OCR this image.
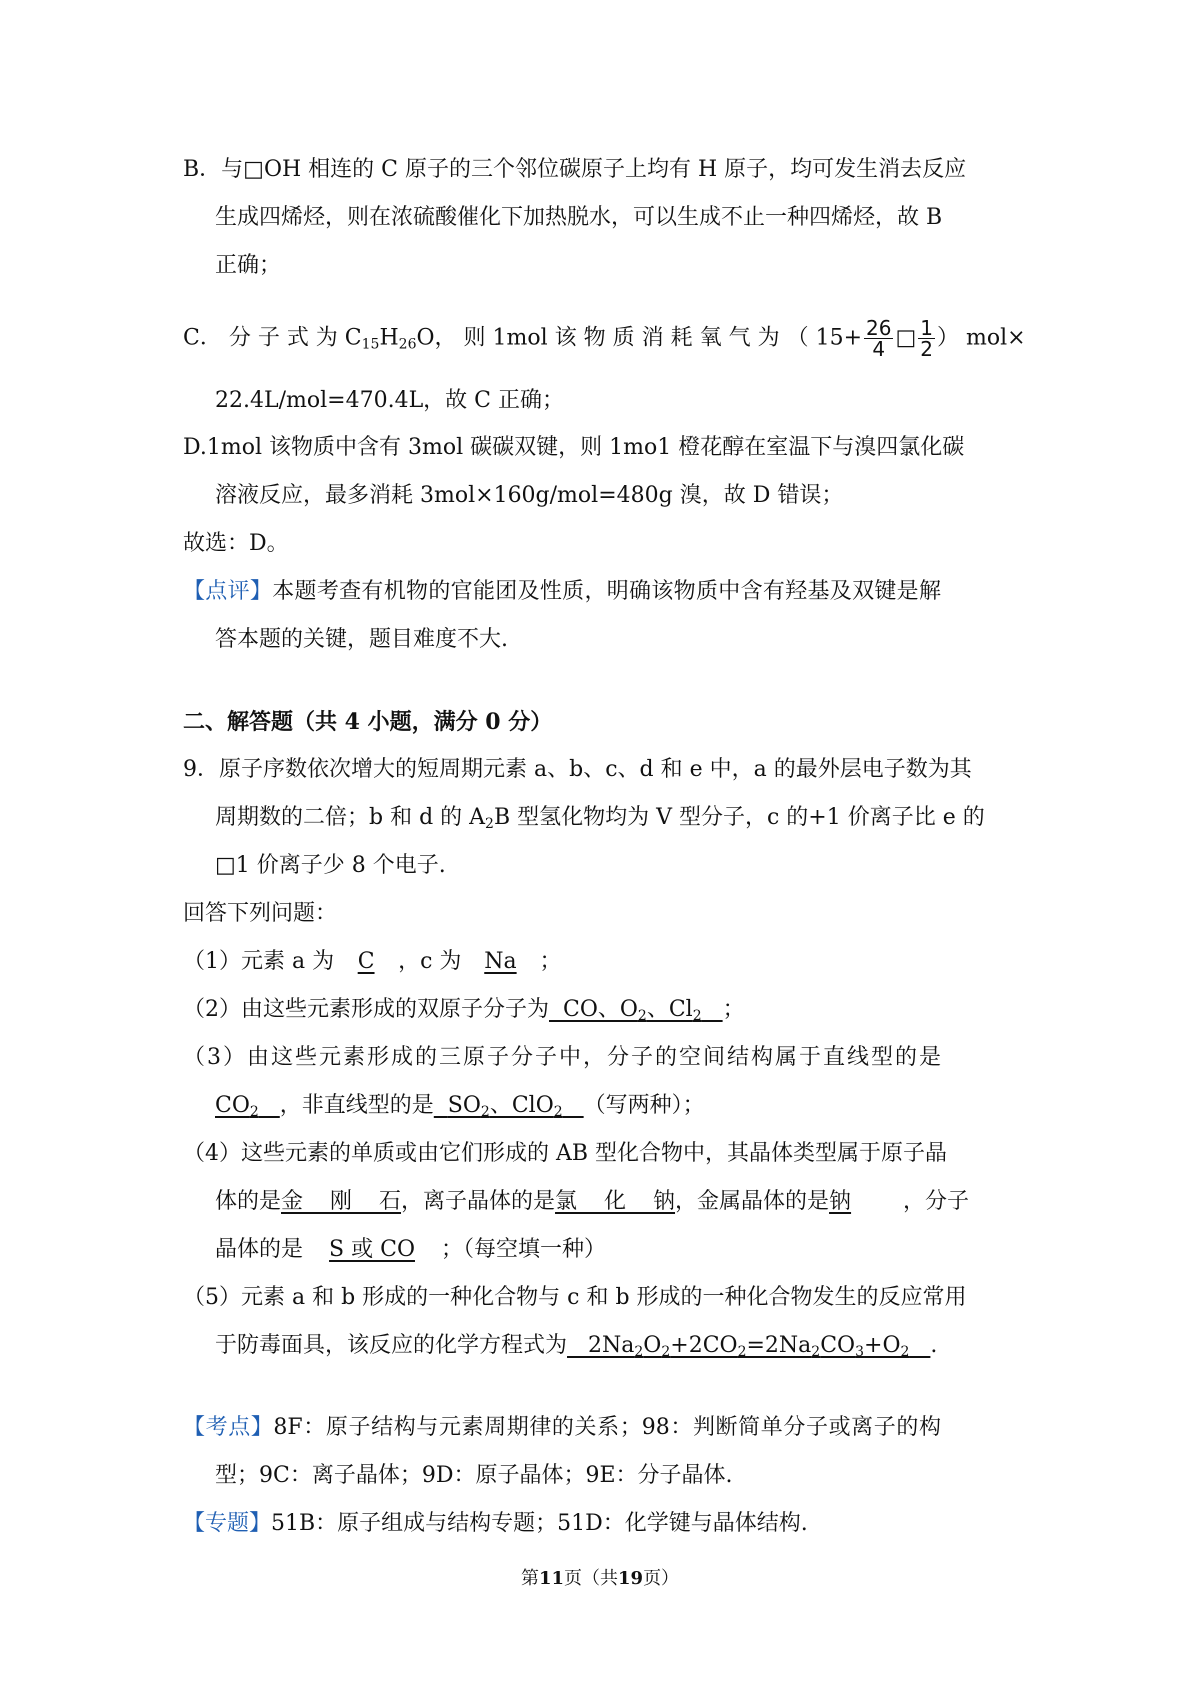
B．与□OH 相连的 C 原子的三个邻位碳原子上均有 H 原子，均可发生消去反应
生成四烯烃，则在浓硫酸催化下加热脱水，可以生成不止一种四烯烃，故 B
正确；
C． 分 子 式 为 $C_{15}H_{26}O$， 则 1mol 该 物 质 消 耗 氧 气 为 （ $15+ \frac{26}{4}$ □ $\frac{1}{2}$ ） mol×
22.4L/mol=470.4L，故 C 正确；
D.1mol 该物质中含有 3mol 碳碳双键，则 1mo1 橙花醇在室温下与溴四氯化碳
溶液反应，最多消耗 3mol×160g/mol=480g 溴，故 D 错误；
故选：D。
【点评】本题考查有机物的官能团及性质，明确该物质中含有羟基及双键是解
答本题的关键，题目难度不大.
二、解答题（共 4 小题，满分 0 分）
9．原子序数依次增大的短周期元素 a、b、c、d 和 e 中，a 的最外层电子数为其
周期数的二倍；b 和 d 的 $A_2B$ 型氢化物均为 V 型分子，c 的+1 价离子比 e 的
□1 价离子少 8 个电子.
回答下列问题：
（1）元素 a 为 C ，c 为 Na ；
（2）由这些元素形成的双原子分子为 CO、$O_2$、$Cl_2$ ；
（3）由这些元素形成的三原子分子中，分子的空间结构属于直线型的是
$CO_2$ ，非直线型的是 $SO_2$、ClO$_2$ （写两种）；
（4）这些元素的单质或由它们形成的 AB 型化合物中，其晶体类型属于原子晶
体的是金刚石，离子晶体的是氯化钠，金属晶体的是钠 ，分子
晶体的是 S 或 CO ；（每空填一种）
（5）元素 a 和 b 形成的一种化合物与 c 和 b 形成的一种化合物发生的反应常用
于防毒面具，该反应的化学方程式为 $2Na_2O_2+2CO_2=2Na_2CO_3+O_2$ .
【考点】8F：原子结构与元素周期律的关系；98：判断简单分子或离子的构
型；9C：离子晶体；9D：原子晶体；9E：分子晶体.
【专题】51B：原子组成与结构专题；51D：化学键与晶体结构.
第11页（共19页）
